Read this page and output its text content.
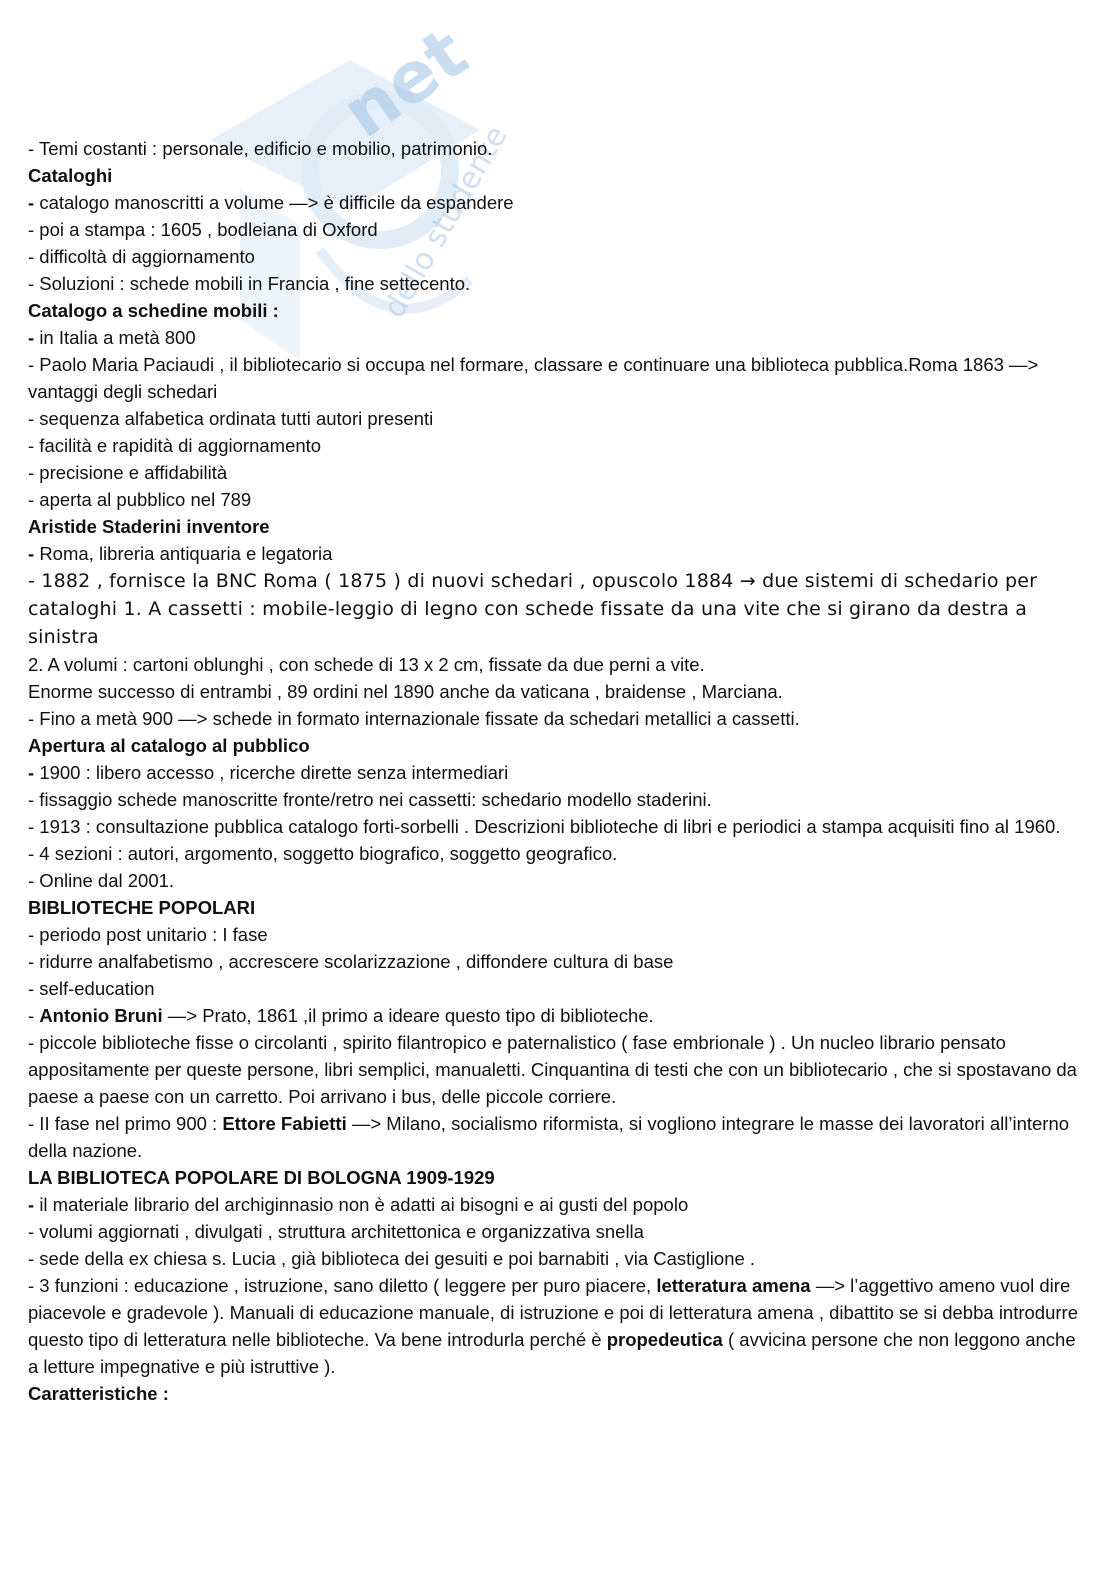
net
dello studente
- Temi costanti : personale, edificio e mobilio, patrimonio.
Cataloghi
- catalogo manoscritti a volume —> è difficile da espandere
- poi a stampa : 1605 , bodleiana di Oxford
- difficoltà di aggiornamento
- Soluzioni : schede mobili in Francia , fine settecento.
Catalogo a schedine mobili :
- in Italia a metà 800
- Paolo Maria Paciaudi , il bibliotecario si occupa nel formare, classare e continuare una biblioteca pubblica.Roma 1863 —> vantaggi degli schedari
- sequenza alfabetica ordinata tutti autori presenti
- facilità e rapidità di aggiornamento
- precisione e affidabilità
- aperta al pubblico nel 789
Aristide Staderini inventore
- Roma, libreria antiquaria e legatoria
- 1882 , fornisce la BNC Roma ( 1875 ) di nuovi schedari , opuscolo 1884 → due sistemi di schedario per cataloghi 1. A cassetti : mobile-leggio di legno con schede fissate da una vite che si girano da destra a sinistra
2. A volumi : cartoni oblunghi , con schede di 13 x 2 cm, fissate da due perni a vite.
Enorme successo di entrambi , 89 ordini nel 1890 anche da vaticana , braidense , Marciana.
- Fino a metà 900 —> schede in formato internazionale fissate da schedari metallici a cassetti.
Apertura al catalogo al pubblico
- 1900 : libero accesso , ricerche dirette senza intermediari
- fissaggio schede manoscritte fronte/retro nei cassetti: schedario modello staderini.
- 1913 : consultazione pubblica catalogo forti-sorbelli . Descrizioni biblioteche di libri e periodici a stampa acquisiti fino al 1960.
- 4 sezioni : autori, argomento, soggetto biografico, soggetto geografico.
- Online dal 2001.
BIBLIOTECHE POPOLARI
- periodo post unitario : I fase
- ridurre analfabetismo , accrescere scolarizzazione , diffondere cultura di base
- self-education
- Antonio Bruni —> Prato, 1861 ,il primo a ideare questo tipo di biblioteche.
- piccole biblioteche fisse o circolanti , spirito filantropico e paternalistico ( fase embrionale ) . Un nucleo librario pensato appositamente per queste persone, libri semplici, manualetti. Cinquantina di testi che con un bibliotecario , che si spostavano da paese a paese con un carretto. Poi arrivano i bus, delle piccole corriere.
- II fase nel primo 900 : Ettore Fabietti —> Milano, socialismo riformista, si vogliono integrare le masse dei lavoratori all’interno della nazione.
LA BIBLIOTECA POPOLARE DI BOLOGNA 1909-1929
- il materiale librario del archiginnasio non è adatti ai bisogni e ai gusti del popolo
- volumi aggiornati , divulgati , struttura architettonica e organizzativa snella
- sede della ex chiesa s. Lucia , già biblioteca dei gesuiti e poi barnabiti , via Castiglione .
- 3 funzioni : educazione , istruzione, sano diletto ( leggere per puro piacere, letteratura amena —> l’aggettivo ameno vuol dire piacevole e gradevole ). Manuali di educazione manuale, di istruzione e poi di letteratura amena , dibattito se si debba introdurre questo tipo di letteratura nelle biblioteche. Va bene introdurla perché è propedeutica ( avvicina persone che non leggono anche a letture impegnative e più istruttive ).
Caratteristiche :
